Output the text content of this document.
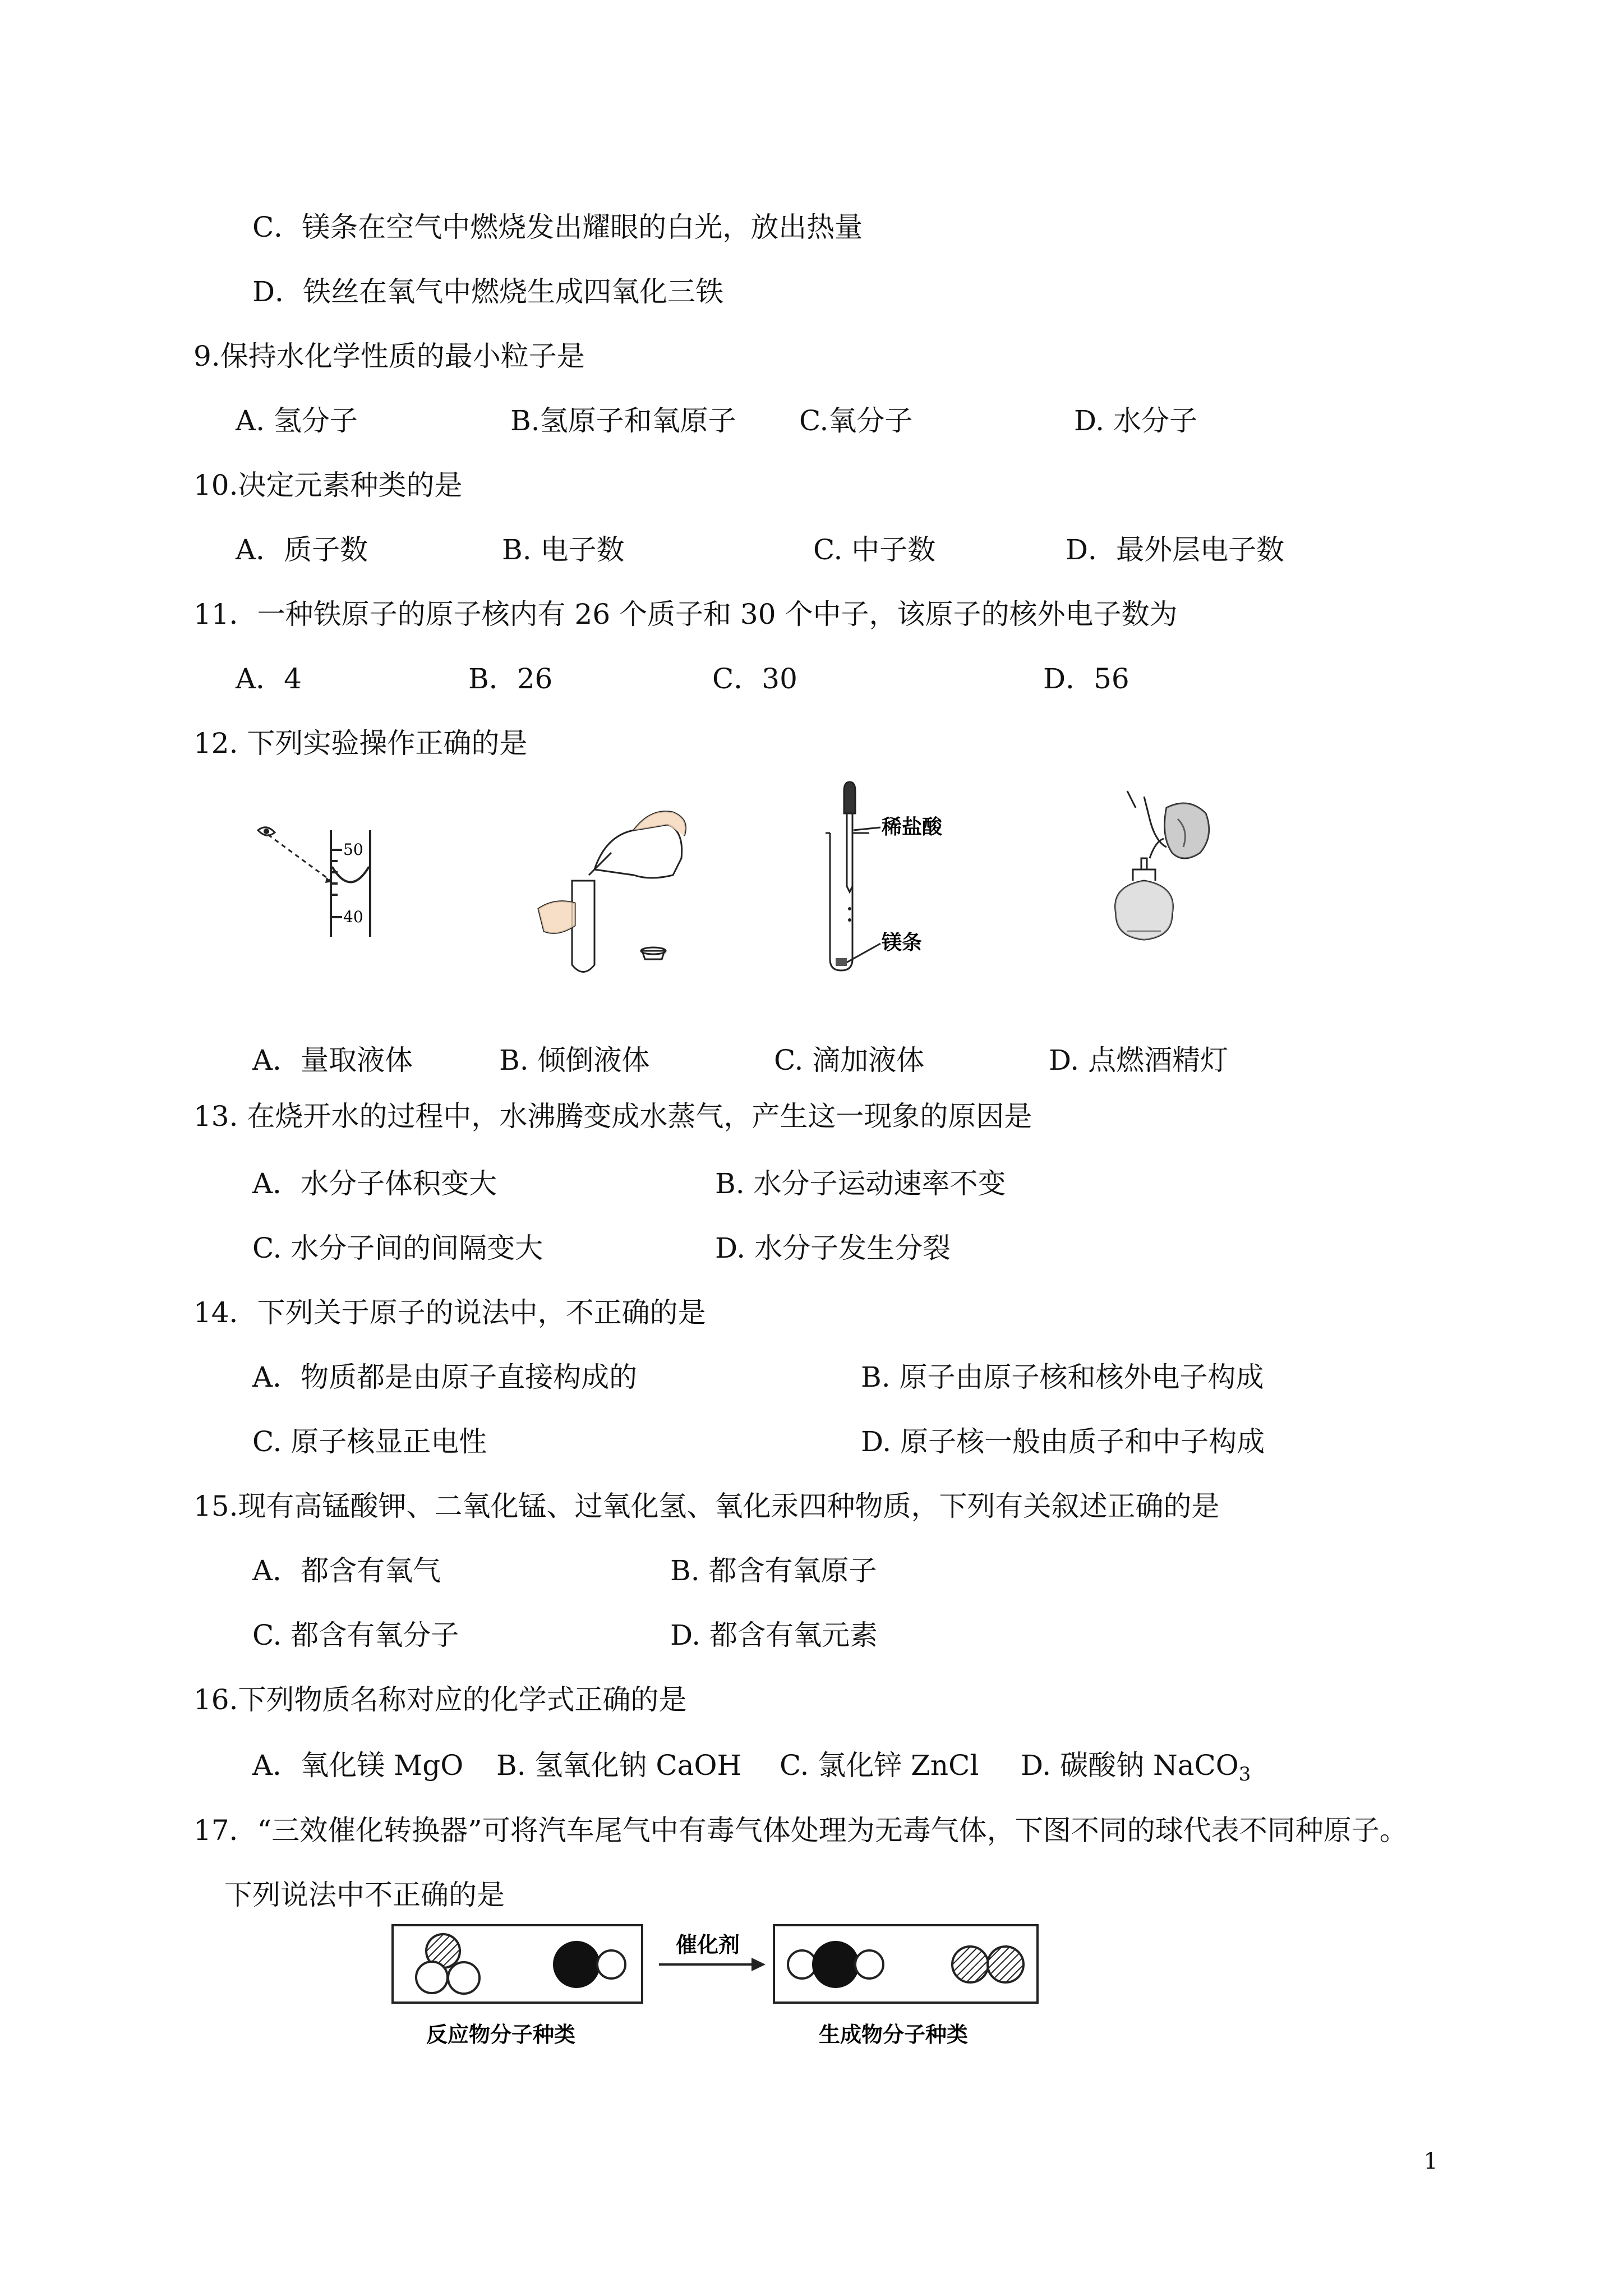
C．镁条在空气中燃烧发出耀眼的白光，放出热量
D．铁丝在氧气中燃烧生成四氧化三铁
9.保持水化学性质的最小粒子是
A. 氢分子	B.氢原子和氧原子 C.氧分子	D. 水分子
10.决定元素种类的是
A．质子数	B. 电子数	C. 中子数	D．最外层电子数
11．一种铁原子的原子核内有 26 个质子和 30 个中子，该原子的核外电子数为
A．4	B．26	C．30	D．56
12. 下列实验操作正确的是
50
40
稀盐酸
镁条
A．量取液体	B. 倾倒液体	C. 滴加液体	D. 点燃酒精灯
13. 在烧开水的过程中，水沸腾变成水蒸气，产生这一现象的原因是
A．水分子体积变大	B. 水分子运动速率不变
C. 水分子间的间隔变大	D. 水分子发生分裂
14．下列关于原子的说法中，不正确的是
A．物质都是由原子直接构成的	B. 原子由原子核和核外电子构成
C. 原子核显正电性	D. 原子核一般由质子和中子构成
15.现有高锰酸钾、二氧化锰、过氧化氢、氧化汞四种物质，下列有关叙述正确的是
A．都含有氧气	B. 都含有氧原子
C. 都含有氧分子	D. 都含有氧元素
16.下列物质名称对应的化学式正确的是
A．氧化镁 MgO B. 氢氧化钠 CaOH C. 氯化锌 ZnCl D. 碳酸钠 NaCO$_3$
17．“三效催化转换器”可将汽车尾气中有毒气体处理为无毒气体，下图不同的球代表不同种原子。
下列说法中不正确的是
催化剂
反应物分子种类	生成物分子种类
1
